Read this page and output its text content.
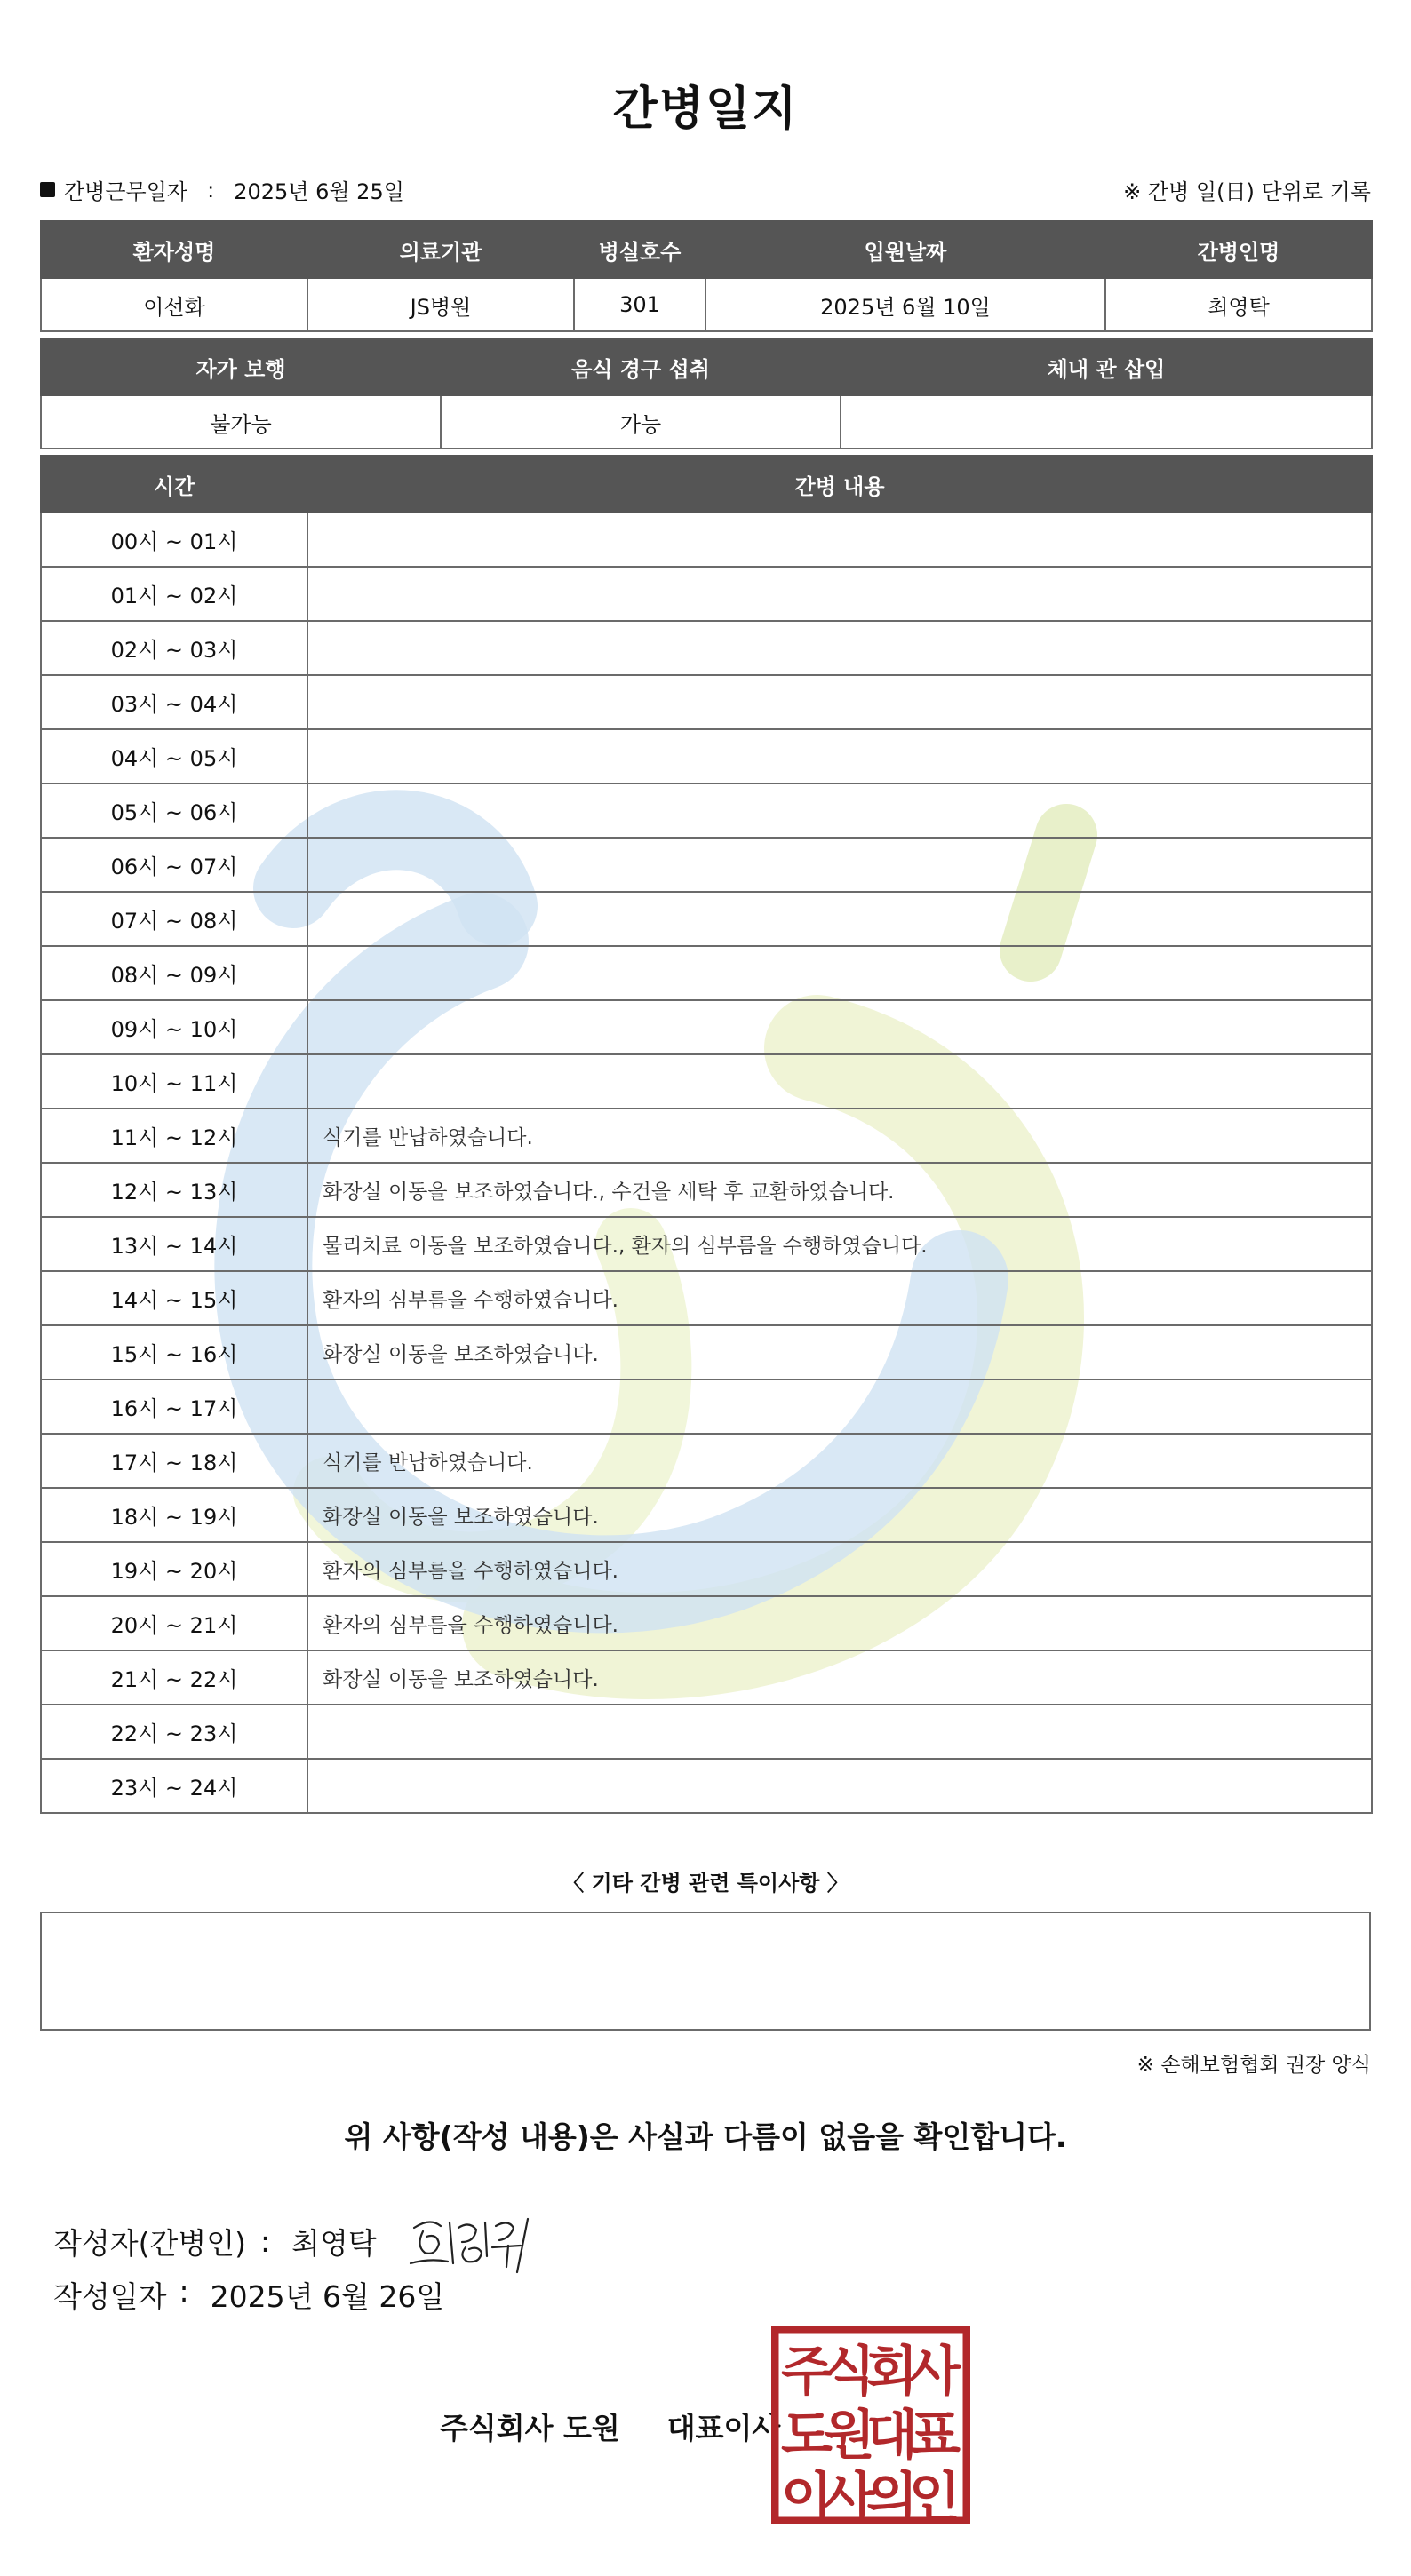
간병일지
간병근무일자 : 2025년 6월 25일	※ 간병 일(日) 단위로 기록
환자성명	의료기관	병실호수	입원날짜	간병인명
이선화	JS병원	301	2025년 6월 10일	최영탁
자가 보행	음식 경구 섭취	체내 관 삽입
불가능	가능	
시간	간병 내용
00시 ~ 01시	
01시 ~ 02시	
02시 ~ 03시	
03시 ~ 04시	
04시 ~ 05시	
05시 ~ 06시	
06시 ~ 07시	
07시 ~ 08시	
08시 ~ 09시	
09시 ~ 10시	
10시 ~ 11시	
11시 ~ 12시	식기를 반납하였습니다.
12시 ~ 13시	화장실 이동을 보조하였습니다., 수건을 세탁 후 교환하였습니다.
13시 ~ 14시	물리치료 이동을 보조하였습니다., 환자의 심부름을 수행하였습니다.
14시 ~ 15시	환자의 심부름을 수행하였습니다.
15시 ~ 16시	화장실 이동을 보조하였습니다.
16시 ~ 17시	
17시 ~ 18시	식기를 반납하였습니다.
18시 ~ 19시	화장실 이동을 보조하였습니다.
19시 ~ 20시	환자의 심부름을 수행하였습니다.
20시 ~ 21시	환자의 심부름을 수행하였습니다.
21시 ~ 22시	화장실 이동을 보조하였습니다.
22시 ~ 23시	
23시 ~ 24시	
〈 기타 간병 관련 특이사항 〉
※ 손해보험협회 권장 양식
위 사항(작성 내용)은 사실과 다름이 없음을 확인합니다.
작성자(간병인) : 최영탁
작성일자 : 2025년 6월 26일
주식회사 도원 대표이사
주
식
회
사
도
원
대
표
이
사
의
인
